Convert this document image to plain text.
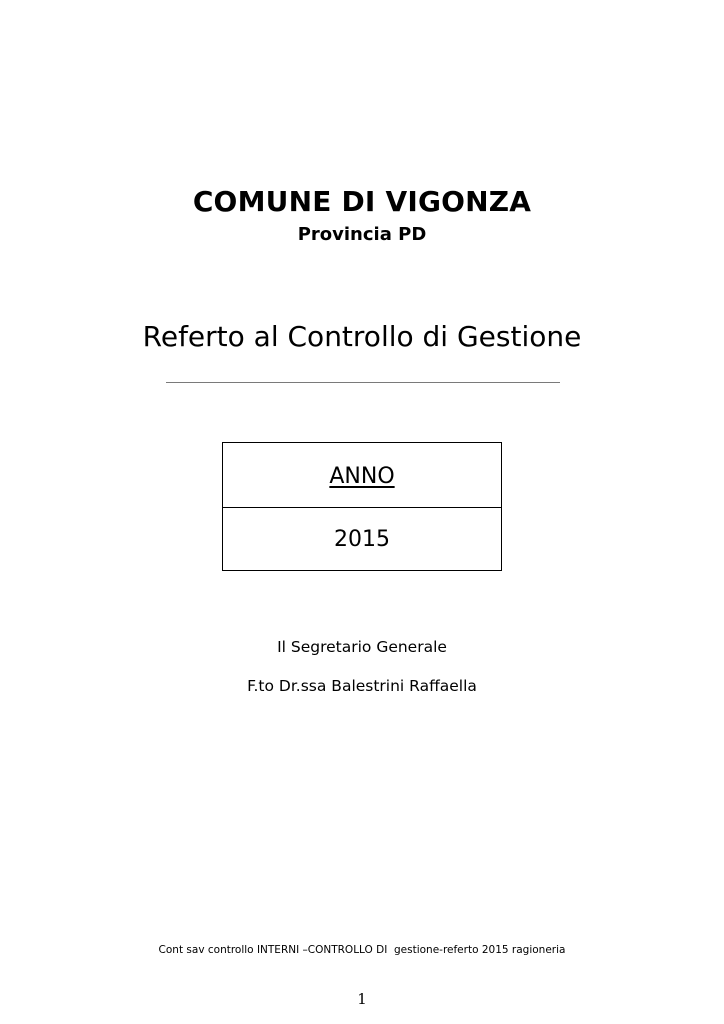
COMUNE DI VIGONZA
Provincia PD
Referto al Controllo di Gestione
ANNO
2015
Il Segretario Generale
F.to Dr.ssa Balestrini Raffaella
Cont sav controllo INTERNI –CONTROLLO DI  gestione-referto 2015 ragioneria
1
